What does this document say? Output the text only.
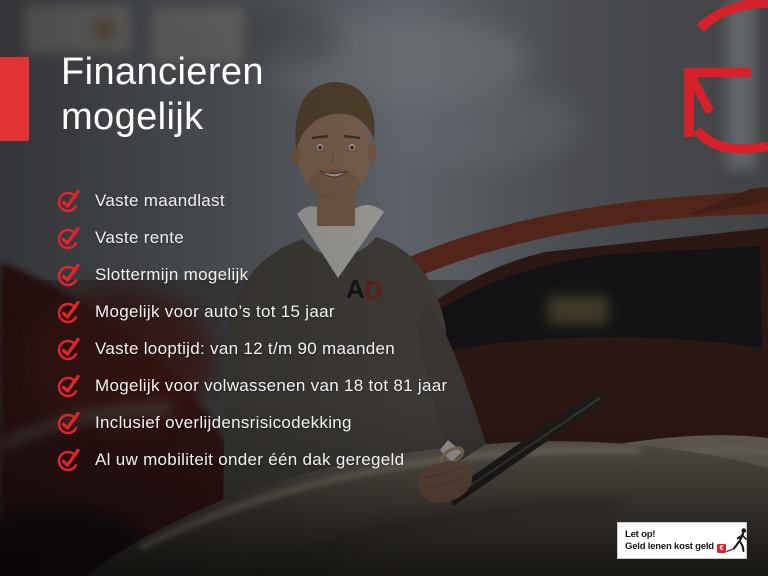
Financieren
mogelijk
Vaste maandlast
Vaste rente
Slottermijn mogelijk
Mogelijk voor auto’s tot 15 jaar
Vaste looptijd: van 12 t/m 90 maanden
Mogelijk voor volwassenen van 18 tot 81 jaar
Inclusief overlijdensrisicodekking
Al uw mobiliteit onder één dak geregeld
Let op!
Geld lenen kost geld €
